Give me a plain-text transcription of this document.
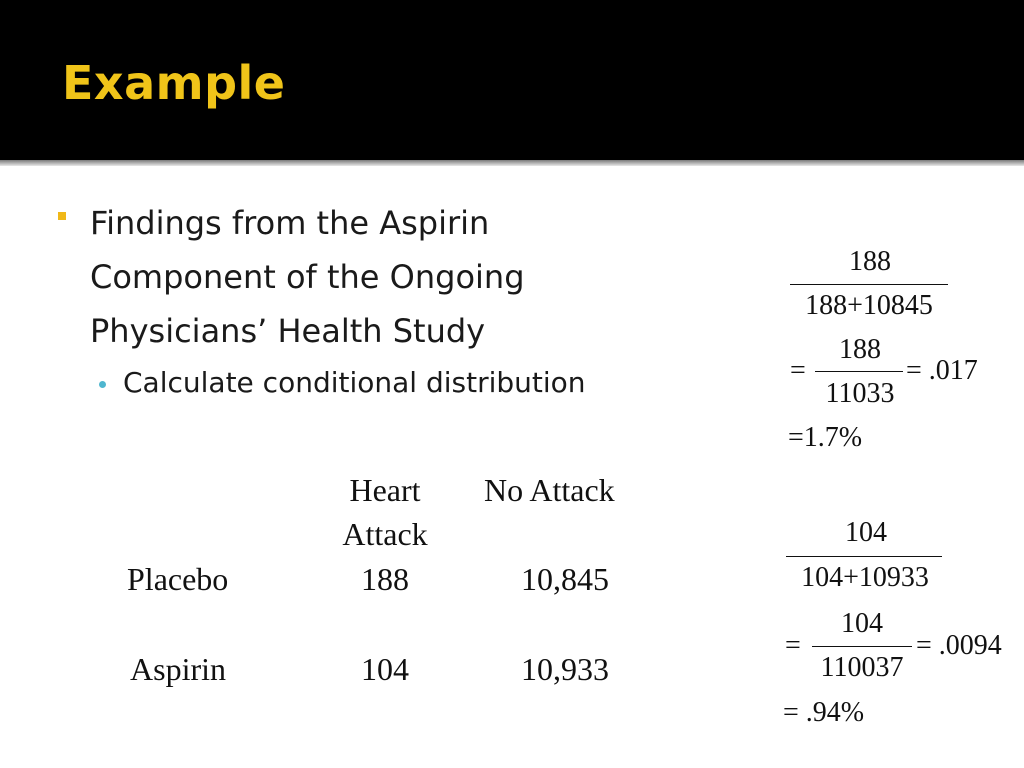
Example
Findings from the Aspirin Component of the Ongoing Physicians’ Health Study
Calculate conditional distribution
Heart
Attack
No Attack
Placebo	188	10,845
Aspirin	104	10,933
188
188+10845
=
188
11033
= .017
=1.7%
104
104+10933
=
104
110037
= .0094
= .94%
